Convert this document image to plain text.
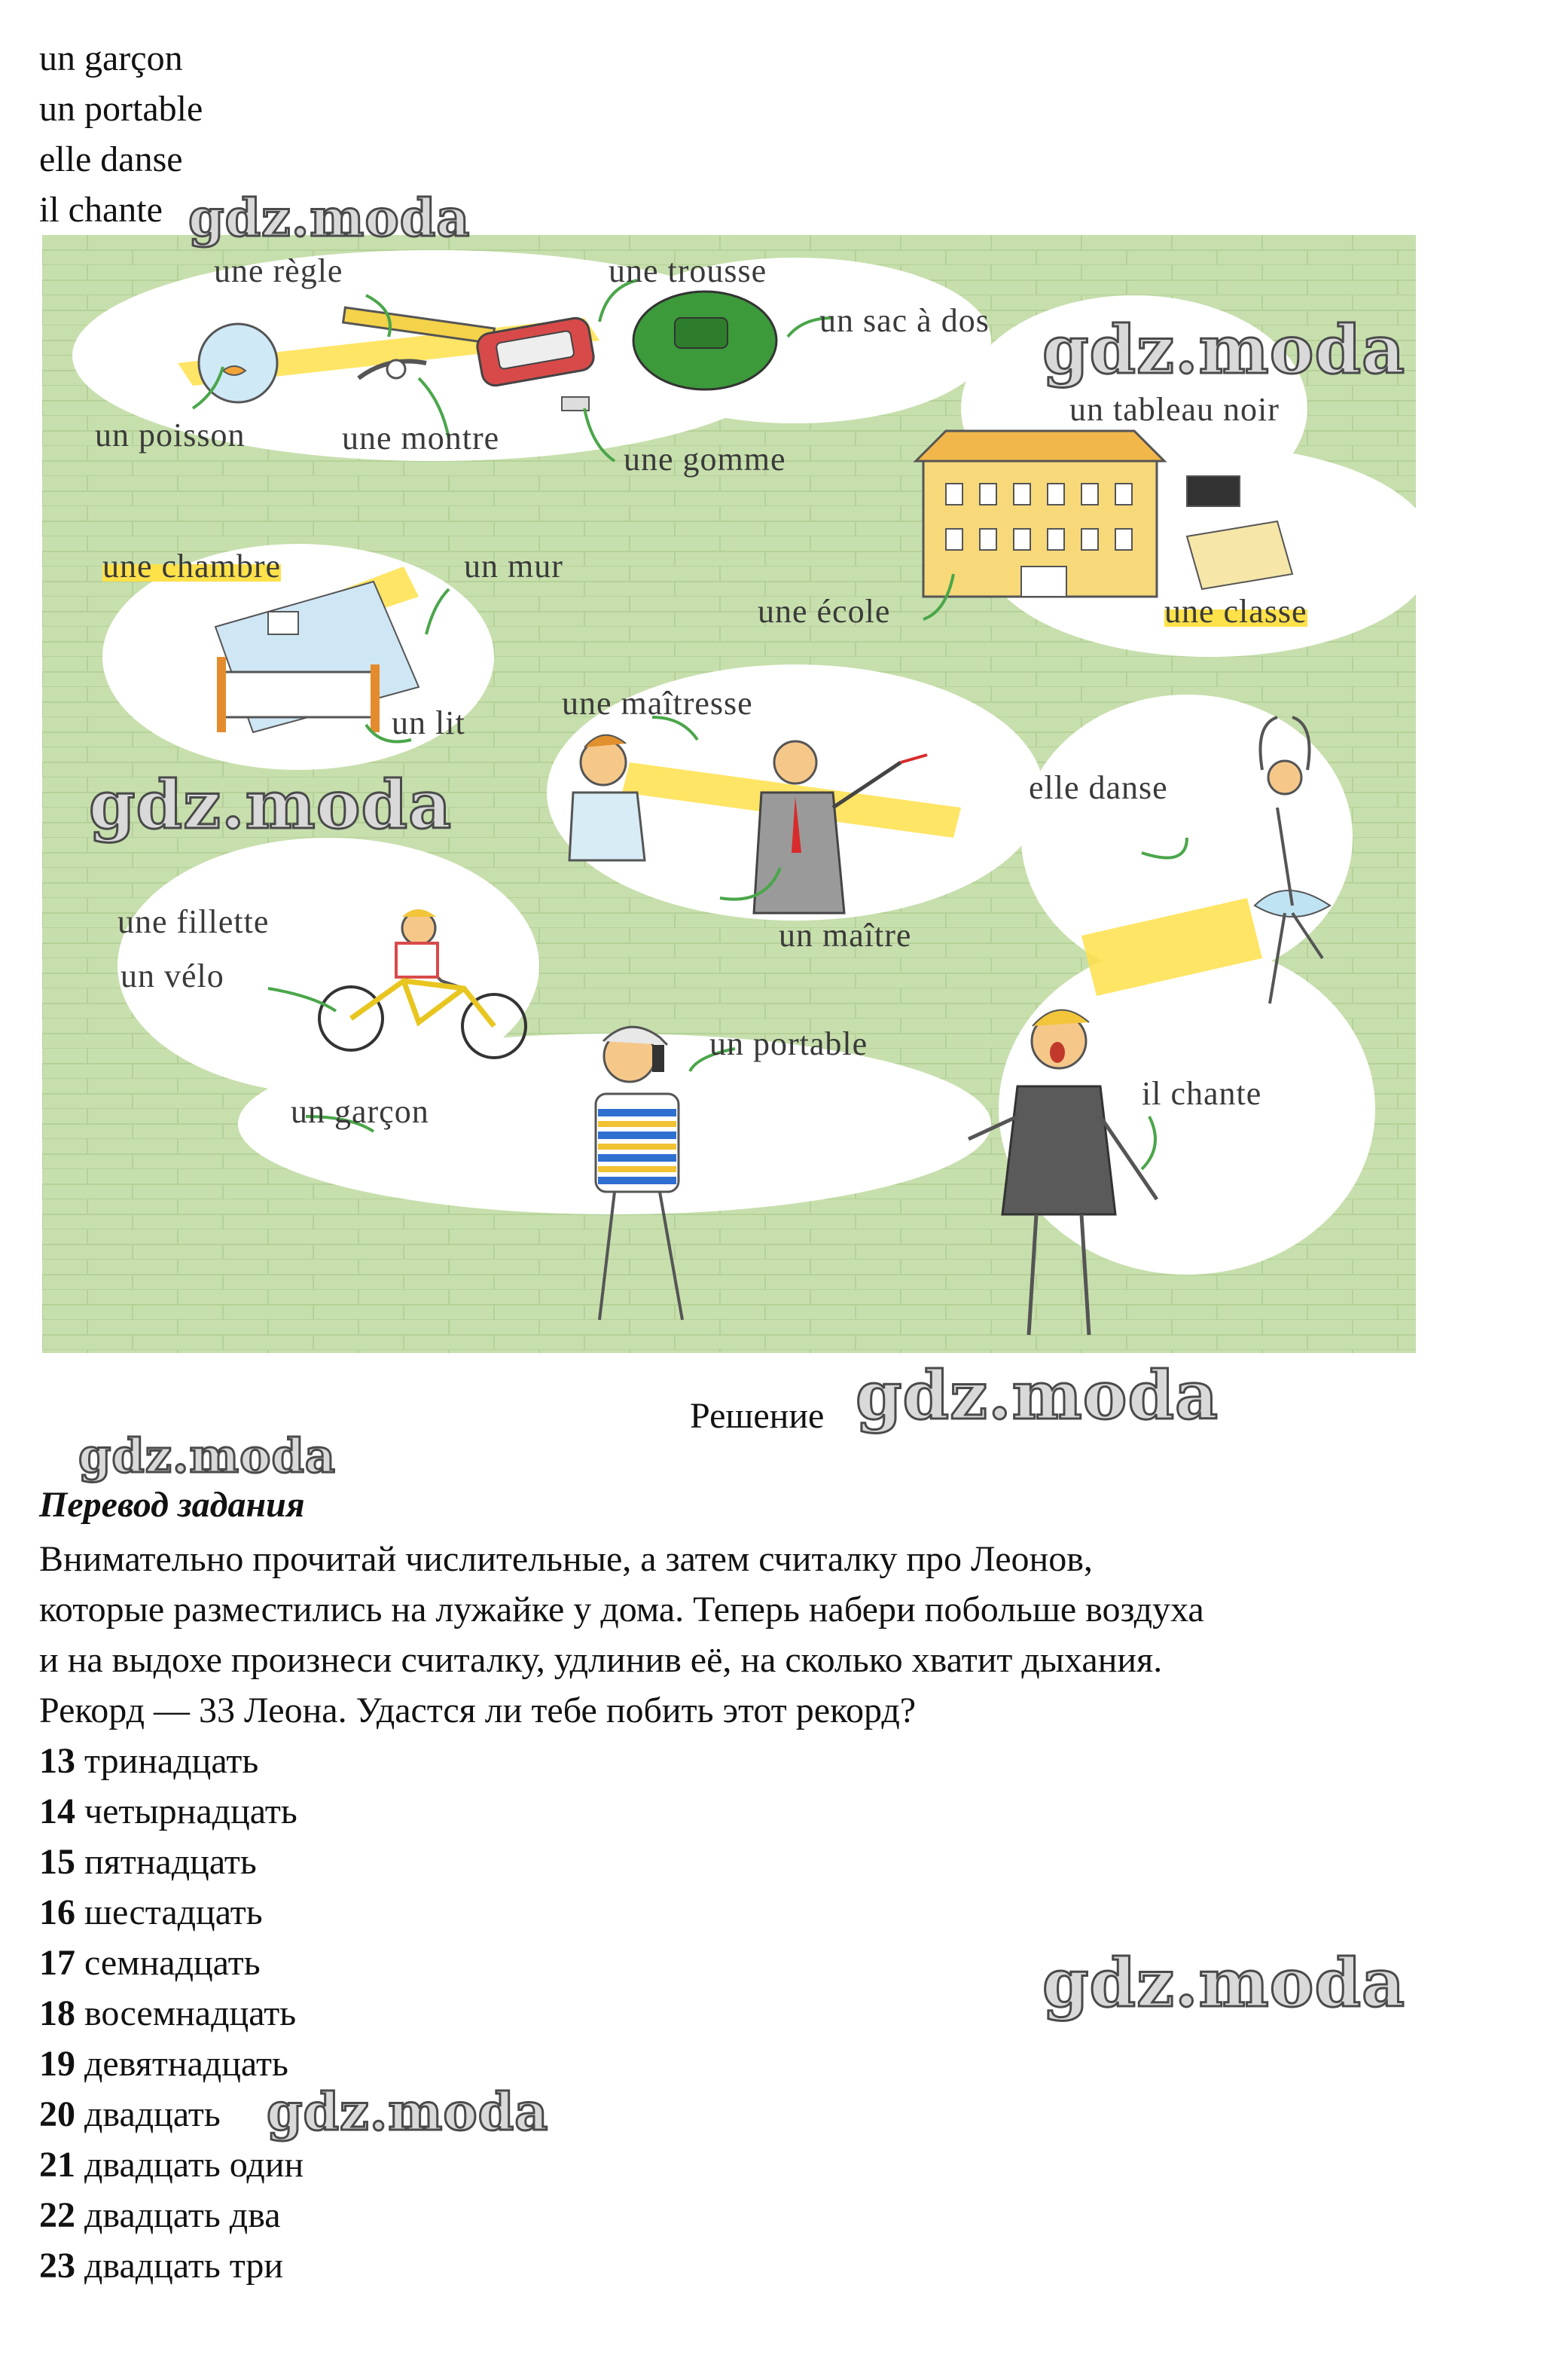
un garçon
un portable
elle danse
il chante
une règle	une trousse
un sac à dos
un poisson	une montre
une gomme
un tableau noir
une chambre	un mur
une école	une classe
un lit
une maîtresse
elle danse
une fillette
un vélo
un maître
un portable
un garçon	il chante
Решение
Перевод задания
Внимательно прочитай числительные, а затем считалку про Леонов,
которые разместились на лужайке у дома. Теперь набери побольше воздуха
и на выдохе произнеси считалку, удлинив её, на сколько хватит дыхания.
Рекорд — 33 Леона. Удастся ли тебе побить этот рекорд?
13 тринадцать
14 четырнадцать
15 пятнадцать
16 шестадцать
17 семнадцать
18 восемнадцать
19 девятнадцать
20 двадцать
21 двадцать один
22 двадцать два
23 двадцать три
gdz.moda
gdz.moda
gdz.moda
gdz.moda
gdz.moda
gdz.moda
gdz.moda
